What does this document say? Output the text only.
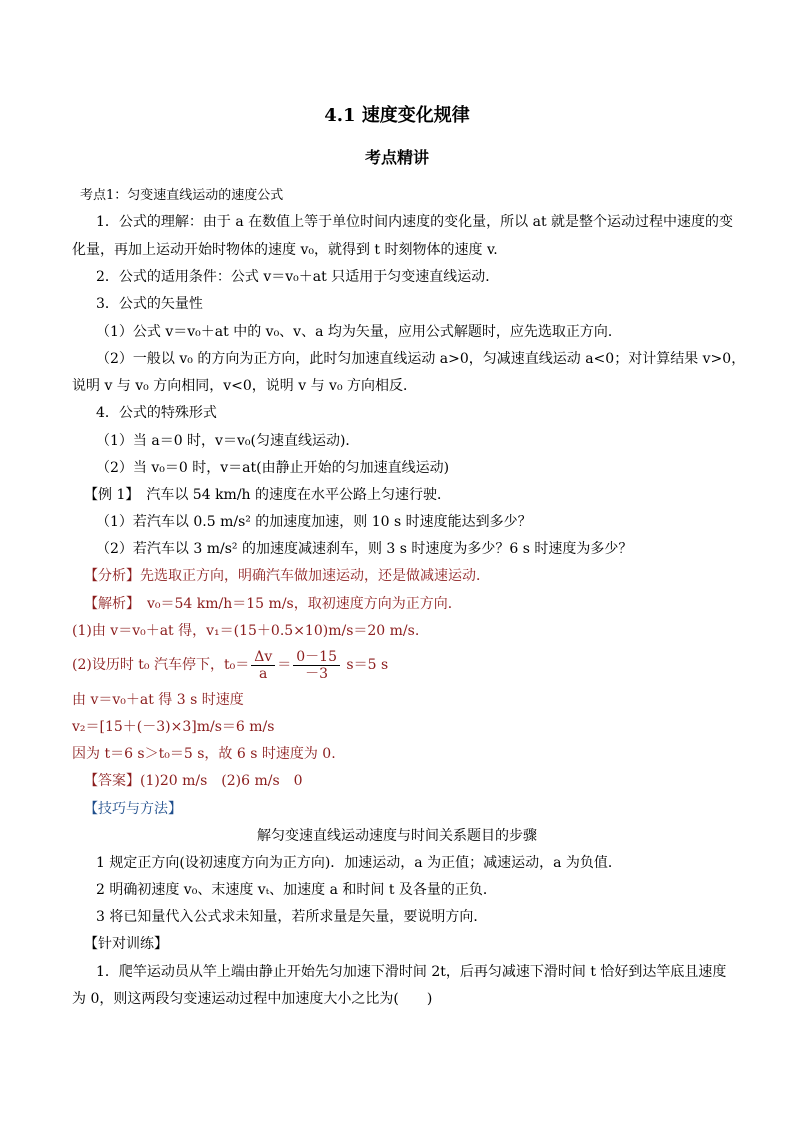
4.1 速度变化规律
考点精讲
考点1：匀变速直线运动的速度公式
1．公式的理解：由于 a 在数值上等于单位时间内速度的变化量，所以 at 就是整个运动过程中速度的变
化量，再加上运动开始时物体的速度 v₀，就得到 t 时刻物体的速度 v.
2．公式的适用条件：公式 v＝v₀＋at 只适用于匀变速直线运动．
3．公式的矢量性
（1）公式 v＝v₀＋at 中的 v₀、v、a 均为矢量，应用公式解题时，应先选取正方向．
（2）一般以 v₀ 的方向为正方向，此时匀加速直线运动 a>0，匀减速直线运动 a<0；对计算结果 v>0，
说明 v 与 v₀ 方向相同，v<0，说明 v 与 v₀ 方向相反．
4．公式的特殊形式
（1）当 a＝0 时，v＝v₀(匀速直线运动)．
（2）当 v₀＝0 时，v＝at(由静止开始的匀加速直线运动)
【例 1】　汽车以 54 km/h 的速度在水平公路上匀速行驶．
（1）若汽车以 0.5 m/s² 的加速度加速，则 10 s 时速度能达到多少？
（2）若汽车以 3 m/s² 的加速度减速刹车，则 3 s 时速度为多少？6 s 时速度为多少？
【分析】先选取正方向，明确汽车做加速运动，还是做减速运动．
【解析】　v₀＝54 km/h＝15 m/s，取初速度方向为正方向．
(1)由 v＝v₀＋at 得，v₁＝(15＋0.5×10)m/s＝20 m/s.
(2)设历时 t₀ 汽车停下，$t_0= \frac{\Delta v}{a} = \frac{0-15}{-3} s=5$ s
由 v＝v₀＋at 得 3 s 时速度
v₂＝[15＋(－3)×3]m/s＝6 m/s
因为 t＝6 s＞t₀＝5 s，故 6 s 时速度为 0.
【答案】(1)20 m/s　(2)6 m/s　0
【技巧与方法】
解匀变速直线运动速度与时间关系题目的步骤
1 规定正方向(设初速度方向为正方向)．加速运动，a 为正值；减速运动，a 为负值．
2 明确初速度 v₀、末速度 vₜ、加速度 a 和时间 t 及各量的正负．
3 将已知量代入公式求未知量，若所求量是矢量，要说明方向．
【针对训练】
1．爬竿运动员从竿上端由静止开始先匀加速下滑时间 2t，后再匀减速下滑时间 t 恰好到达竿底且速度
为 0，则这两段匀变速运动过程中加速度大小之比为(　　)
